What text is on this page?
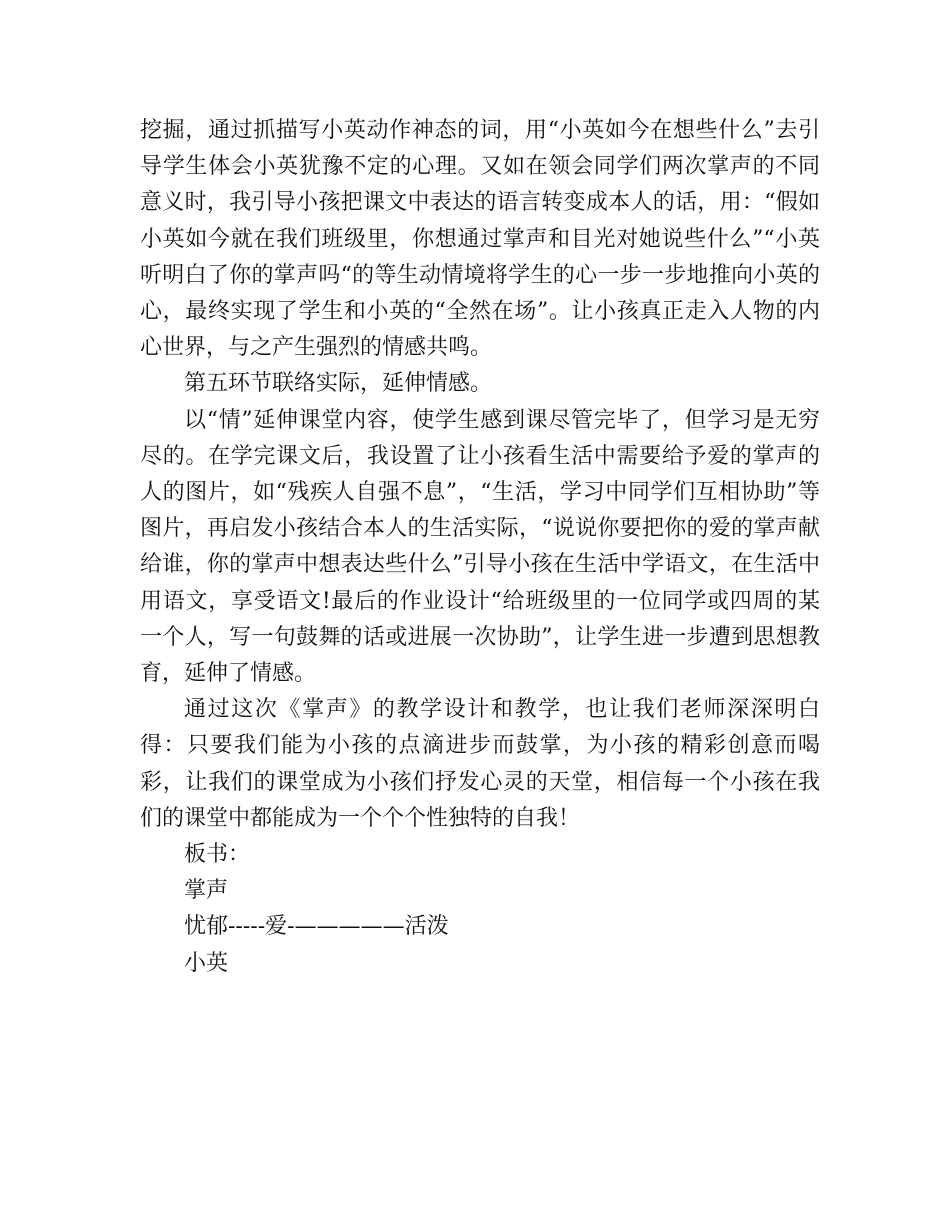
挖掘，通过抓描写小英动作神态的词，用“小英如今在想些什么”去引导学生体会小英犹豫不定的心理。又如在领会同学们两次掌声的不同意义时，我引导小孩把课文中表达的语言转变成本人的话，用：“假如小英如今就在我们班级里，你想通过掌声和目光对她说些什么”“小英听明白了你的掌声吗“的等生动情境将学生的心一步一步地推向小英的心，最终实现了学生和小英的“全然在场”。让小孩真正走入人物的内心世界，与之产生强烈的情感共鸣。

第五环节联络实际，延伸情感。

以“情”延伸课堂内容，使学生感到课尽管完毕了，但学习是无穷尽的。在学完课文后，我设置了让小孩看生活中需要给予爱的掌声的人的图片，如“残疾人自强不息”，“生活，学习中同学们互相协助”等图片，再启发小孩结合本人的生活实际，“说说你要把你的爱的掌声献给谁，你的掌声中想表达些什么”引导小孩在生活中学语文，在生活中用语文，享受语文!最后的作业设计“给班级里的一位同学或四周的某一个人，写一句鼓舞的话或进展一次协助”，让学生进一步遭到思想教育，延伸了情感。

通过这次《掌声》的教学设计和教学，也让我们老师深深明白得：只要我们能为小孩的点滴进步而鼓掌，为小孩的精彩创意而喝彩，让我们的课堂成为小孩们抒发心灵的天堂，相信每一个小孩在我们的课堂中都能成为一个个个性独特的自我！

板书：
掌声
忧郁-----爱-—————活泼
小英
